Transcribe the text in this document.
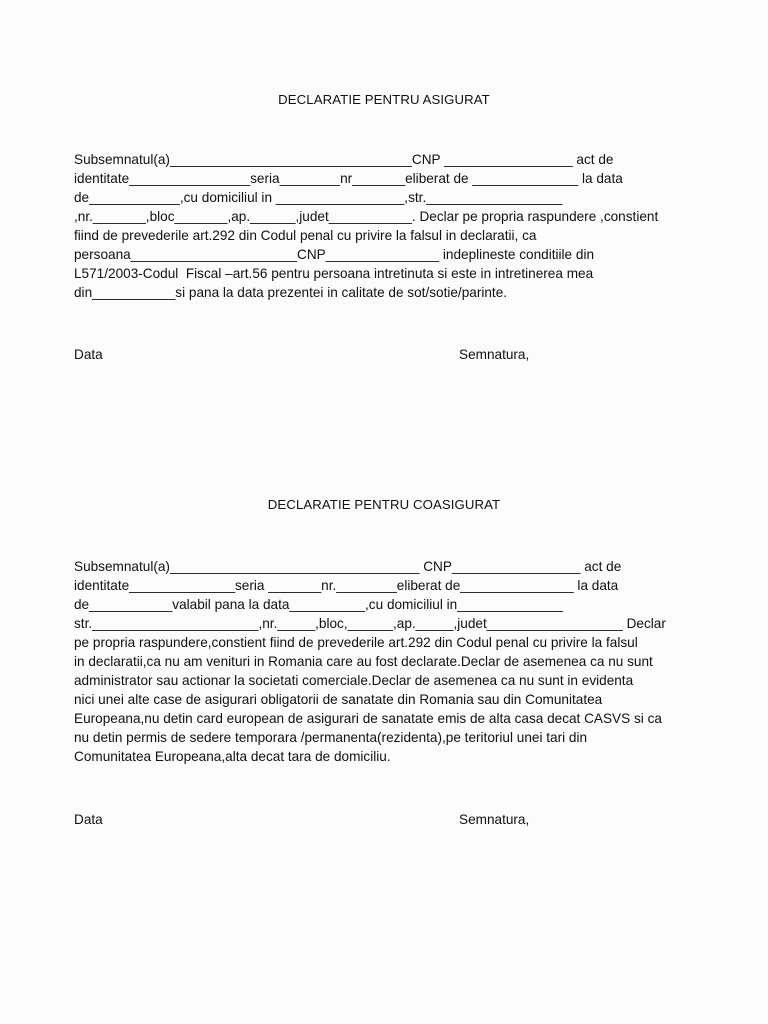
DECLARATIE PENTRU ASIGURAT
Subsemnatul(a)________________________________CNP _________________ act de
identitate________________seria________nr_______eliberat de ______________ la data
de____________,cu domiciliul in _________________,str.__________________
,nr._______,bloc_______,ap.______,judet___________. Declar pe propria raspundere ,constient
fiind de prevederile art.292 din Codul penal cu privire la falsul in declaratii, ca
persoana______________________CNP_______________ indeplineste conditiile din
L571/2003-Codul  Fiscal –art.56 pentru persoana intretinuta si este in intretinerea mea
din___________si pana la data prezentei in calitate de sot/sotie/parinte.
Data	Semnatura,
DECLARATIE PENTRU COASIGURAT
Subsemnatul(a)_________________________________ CNP_________________ act de
identitate______________seria _______nr.________eliberat de_______________ la data
de___________valabil pana la data__________,cu domiciliul in______________
str.______________________,nr._____,bloc,______,ap._____,judet__________________ Declar
pe propria raspundere,constient fiind de prevederile art.292 din Codul penal cu privire la falsul
in declaratii,ca nu am venituri in Romania care au fost declarate.Declar de asemenea ca nu sunt
administrator sau actionar la societati comerciale.Declar de asemenea ca nu sunt in evidenta
nici unei alte case de asigurari obligatorii de sanatate din Romania sau din Comunitatea
Europeana,nu detin card european de asigurari de sanatate emis de alta casa decat CASVS si ca
nu detin permis de sedere temporara /permanenta(rezidenta),pe teritoriul unei tari din
Comunitatea Europeana,alta decat tara de domiciliu.
Data	Semnatura,
